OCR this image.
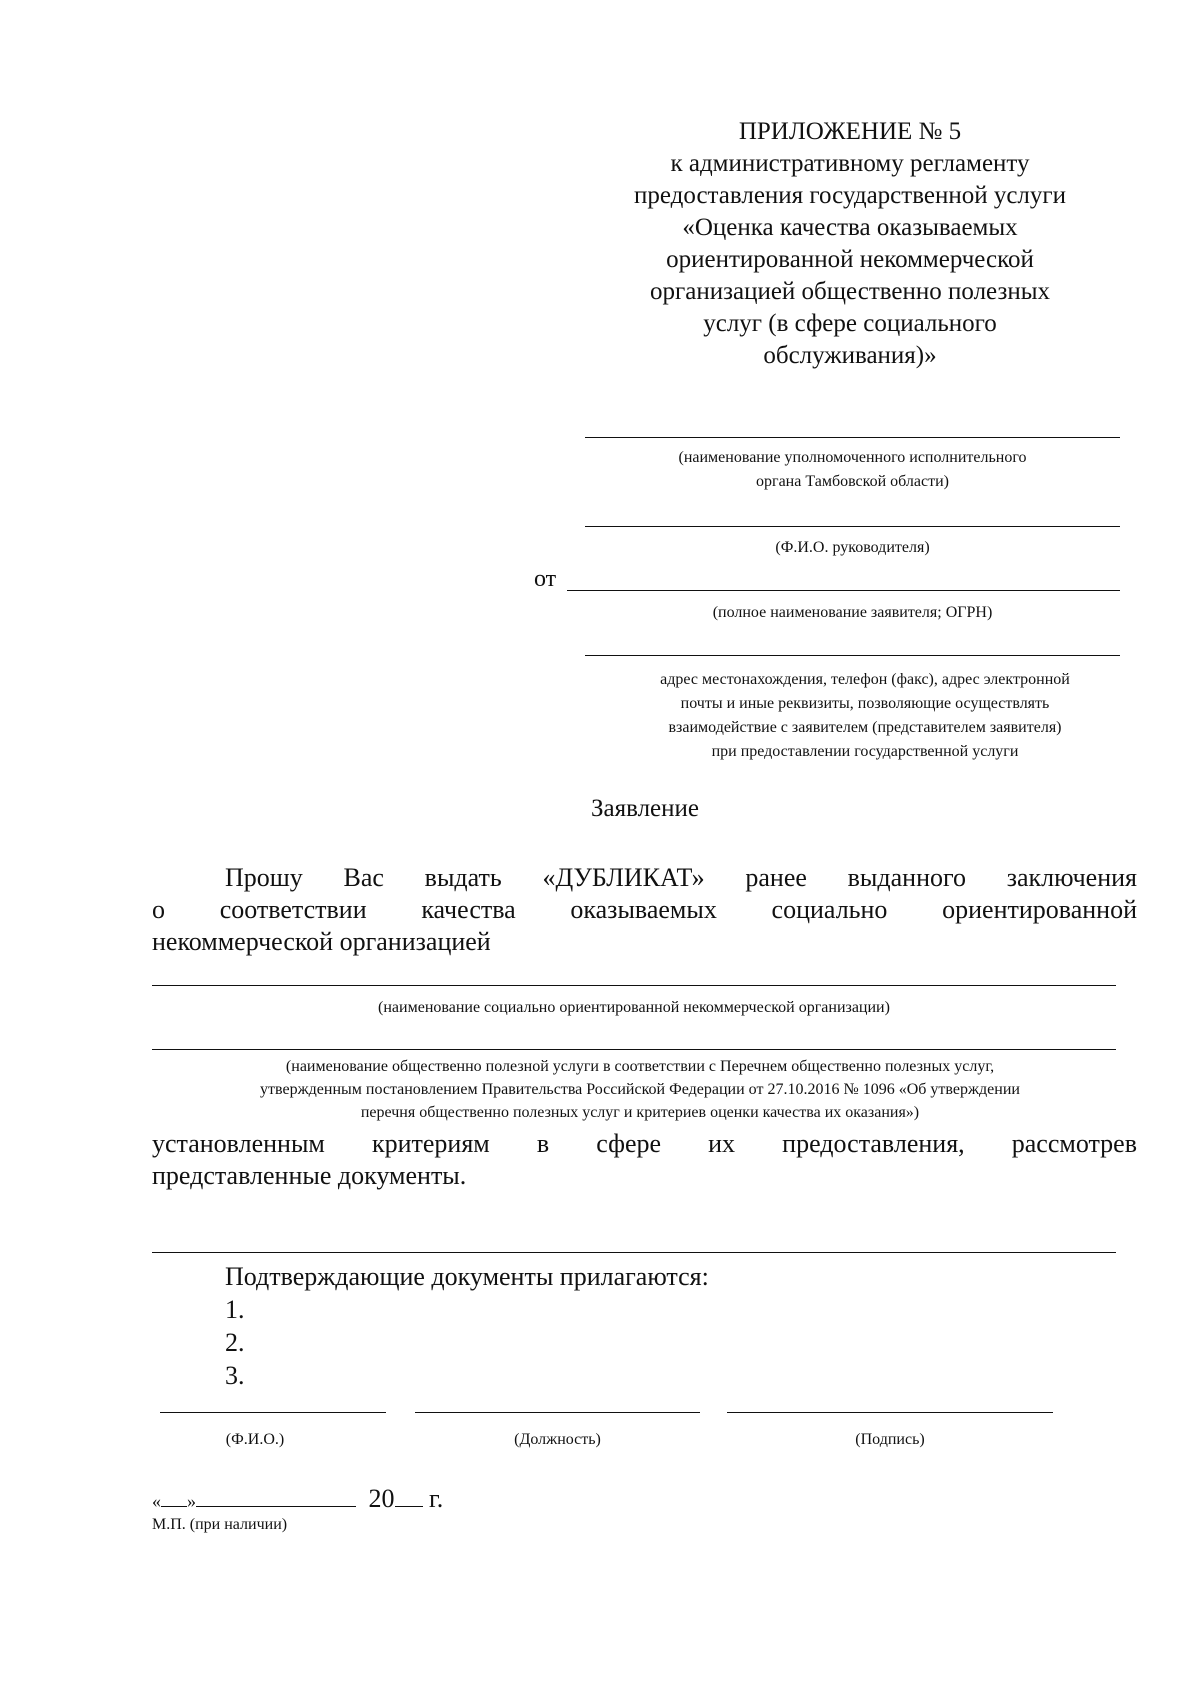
ПРИЛОЖЕНИЕ № 5
к административному регламенту
предоставления государственной услуги
«Оценка качества оказываемых
ориентированной некоммерческой
организацией общественно полезных
услуг (в сфере социального
обслуживания)»
(наименование уполномоченного исполнительного
органа Тамбовской области)
(Ф.И.О. руководителя)
от
(полное наименование заявителя; ОГРН)
адрес местонахождения, телефон (факс), адрес электронной
почты и иные реквизиты, позволяющие осуществлять
взаимодействие с заявителем (представителем заявителя)
при предоставлении государственной услуги
Заявление
Прошу Вас выдать «ДУБЛИКАТ» ранее выданного заключения
о соответствии качества оказываемых социально ориентированной
некоммерческой организацией
(наименование социально ориентированной некоммерческой организации)
(наименование общественно полезной услуги в соответствии с Перечнем общественно полезных услуг,
утвержденным постановлением Правительства Российской Федерации от 27.10.2016 № 1096 «Об утверждении
перечня общественно полезных услуг и критериев оценки качества их оказания»)
установленным критериям в сфере их предоставления, рассмотрев
представленные документы.
Подтверждающие документы прилагаются:
1.
2.
3.
(Ф.И.О.)	(Должность)	(Подпись)
« »	20 г.
М.П. (при наличии)
